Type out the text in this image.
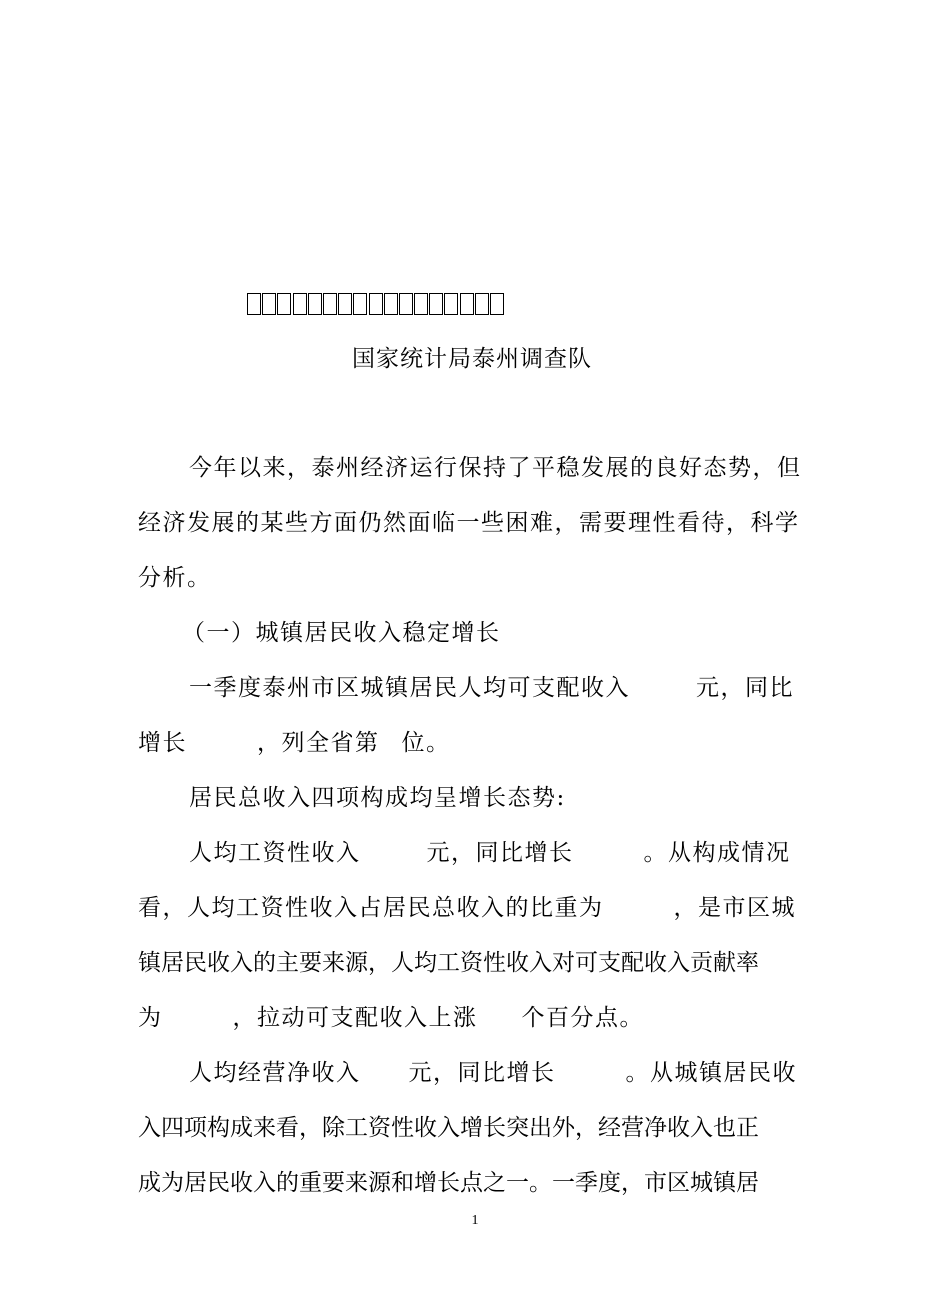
国家统计局泰州调查队
今年以来，泰州经济运行保持了平稳发展的良好态势，但
经济发展的某些方面仍然面临一些困难，需要理性看待，科学
分析。
（一）城镇居民收入稳定增长
一季度泰州市区城镇居民人均可支配收入	元，同比
增长	，列全省第 位。
居民总收入四项构成均呈增长态势:
人均工资性收入	元，同比增长	。从构成情况
看，人均工资性收入占居民总收入的比重为	，是市区城
镇居民收入的主要来源，人均工资性收入对可支配收入贡献率
为	，拉动可支配收入上涨 个百分点。
人均经营净收入 元，同比增长	。从城镇居民收
入四项构成来看，除工资性收入增长突出外，经营净收入也正
成为居民收入的重要来源和增长点之一。一季度，市区城镇居
1
